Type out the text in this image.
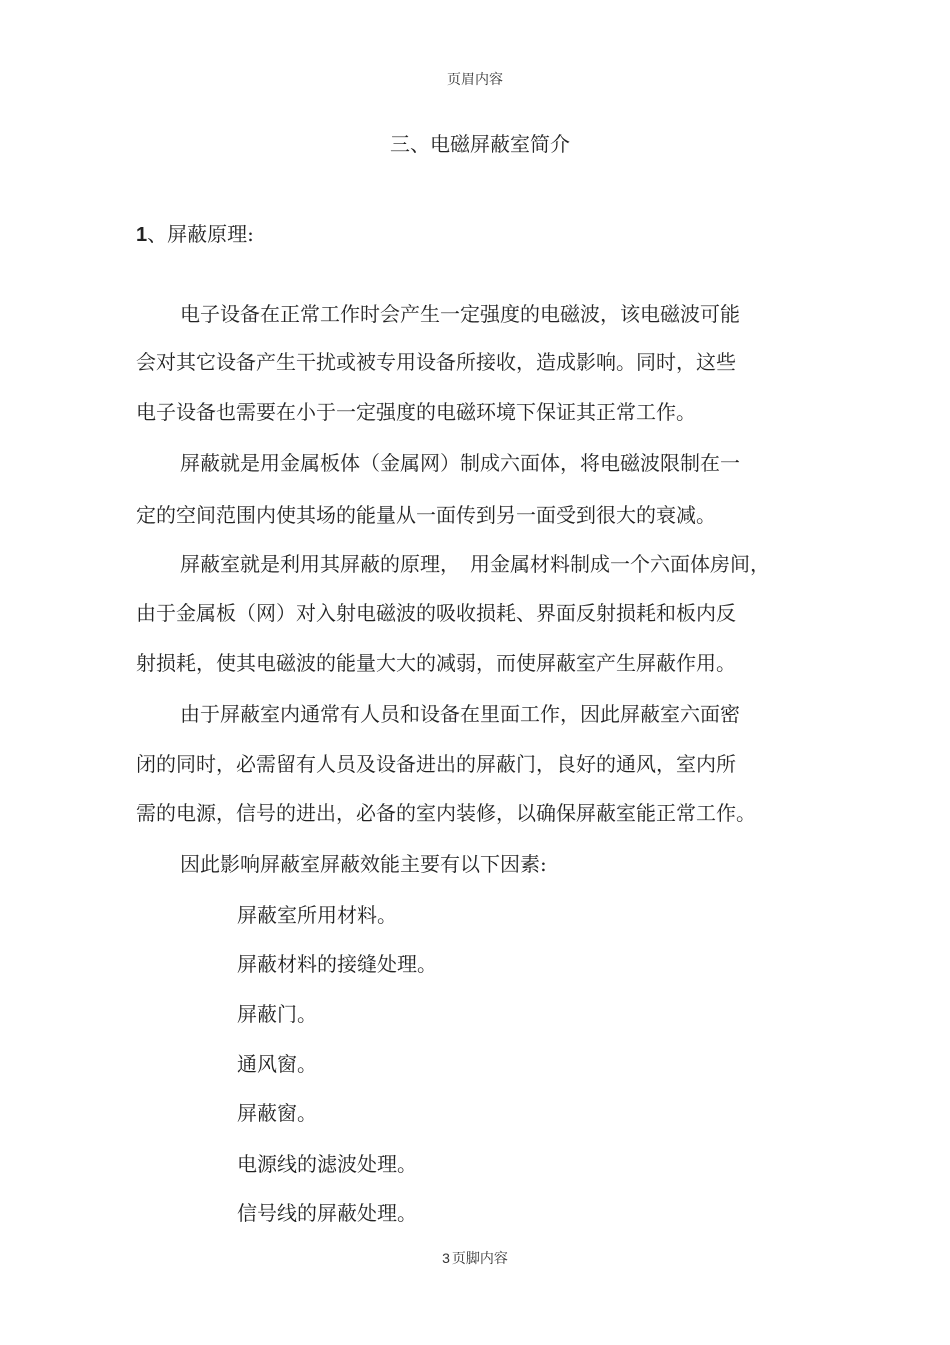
页眉内容
三、电磁屏蔽室简介
1、屏蔽原理:
电子设备在正常工作时会产生一定强度的电磁波，该电磁波可能
会对其它设备产生干扰或被专用设备所接收，造成影响。同时，这些
电子设备也需要在小于一定强度的电磁环境下保证其正常工作。
屏蔽就是用金属板体（金属网）制成六面体，将电磁波限制在一
定的空间范围内使其场的能量从一面传到另一面受到很大的衰减。
屏蔽室就是利用其屏蔽的原理，　用金属材料制成一个六面体房间，
由于金属板（网）对入射电磁波的吸收损耗、界面反射损耗和板内反
射损耗，使其电磁波的能量大大的减弱，而使屏蔽室产生屏蔽作用。
由于屏蔽室内通常有人员和设备在里面工作，因此屏蔽室六面密
闭的同时，必需留有人员及设备进出的屏蔽门，良好的通风，室内所
需的电源，信号的进出，必备的室内装修，以确保屏蔽室能正常工作。
因此影响屏蔽室屏蔽效能主要有以下因素:
屏蔽室所用材料。
屏蔽材料的接缝处理。
屏蔽门。
通风窗。
屏蔽窗。
电源线的滤波处理。
信号线的屏蔽处理。
3 页脚内容
